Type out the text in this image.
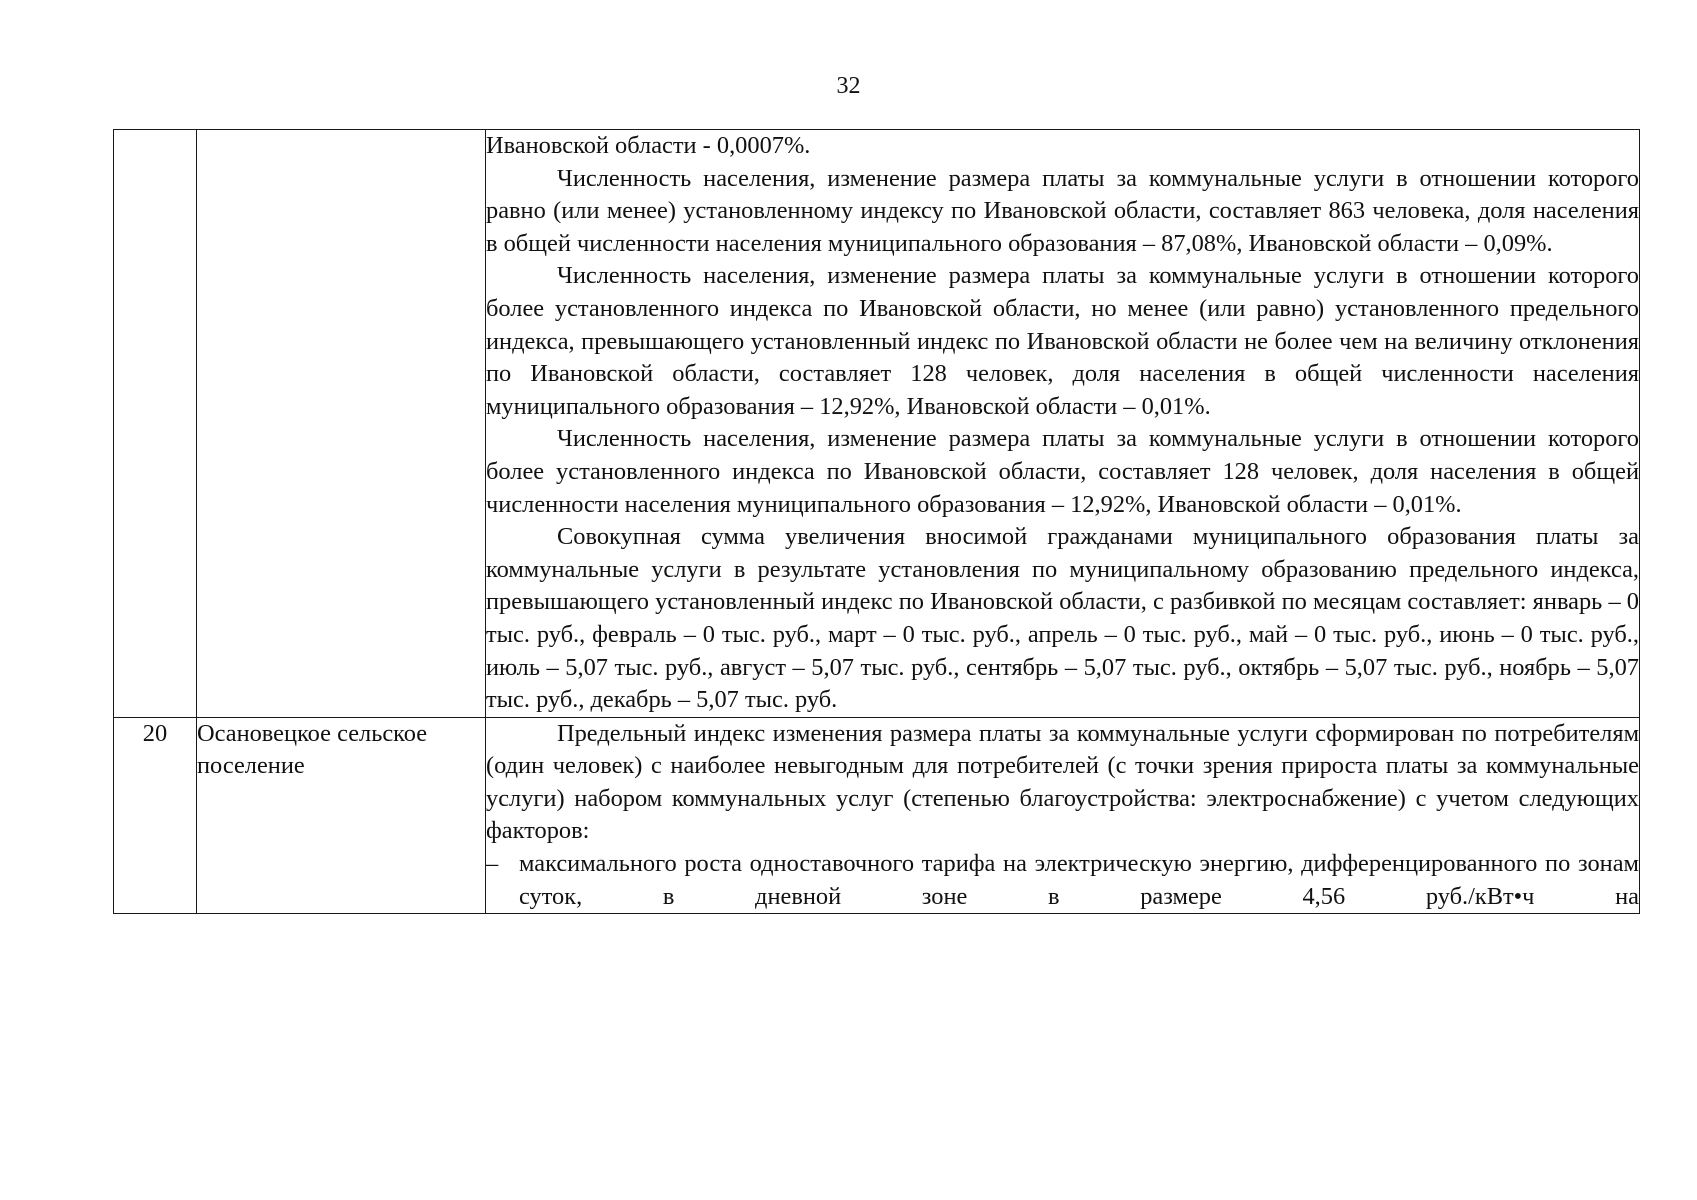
32

		Ивановской области - 0,0007%.

Численность населения, изменение размера платы за коммунальные услуги в отношении которого равно (или менее) установленному индексу по Ивановской области, составляет 863 человека, доля населения в общей численности населения муниципального образования – 87,08%, Ивановской области – 0,09%.

Численность населения, изменение размера платы за коммунальные услуги в отношении которого более установленного индекса по Ивановской области, но менее (или равно) установленного предельного индекса, превышающего установленный индекс по Ивановской области не более чем на величину отклонения по Ивановской области, составляет 128 человек, доля населения в общей численности населения муниципального образования – 12,92%, Ивановской области – 0,01%.

Численность населения, изменение размера платы за коммунальные услуги в отношении которого более установленного индекса по Ивановской области, составляет 128 человек, доля населения в общей численности населения муниципального образования – 12,92%, Ивановской области – 0,01%.

Совокупная сумма увеличения вносимой гражданами муниципального образования платы за коммунальные услуги в результате установления по муниципальному образованию предельного индекса, превышающего установленный индекс по Ивановской области, с разбивкой по месяцам составляет: январь – 0 тыс. руб., февраль – 0 тыс. руб., март – 0 тыс. руб., апрель – 0 тыс. руб., май – 0 тыс. руб., июнь – 0 тыс. руб., июль – 5,07 тыс. руб., август – 5,07 тыс. руб., сентябрь – 5,07 тыс. руб., октябрь – 5,07 тыс. руб., ноябрь – 5,07 тыс. руб., декабрь – 5,07 тыс. руб.

20	Осановецкое сельское поселение	Предельный индекс изменения размера платы за коммунальные услуги сформирован по потребителям (один человек) с наиболее невыгодным для потребителей (с точки зрения прироста платы за коммунальные услуги) набором коммунальных услуг (степенью благоустройства: электроснабжение) с учетом следующих факторов:

– максимального роста одноставочного тарифа на электрическую энергию, дифференцированного по зонам суток, в дневной зоне в размере 4,56 руб./кВт•ч на
